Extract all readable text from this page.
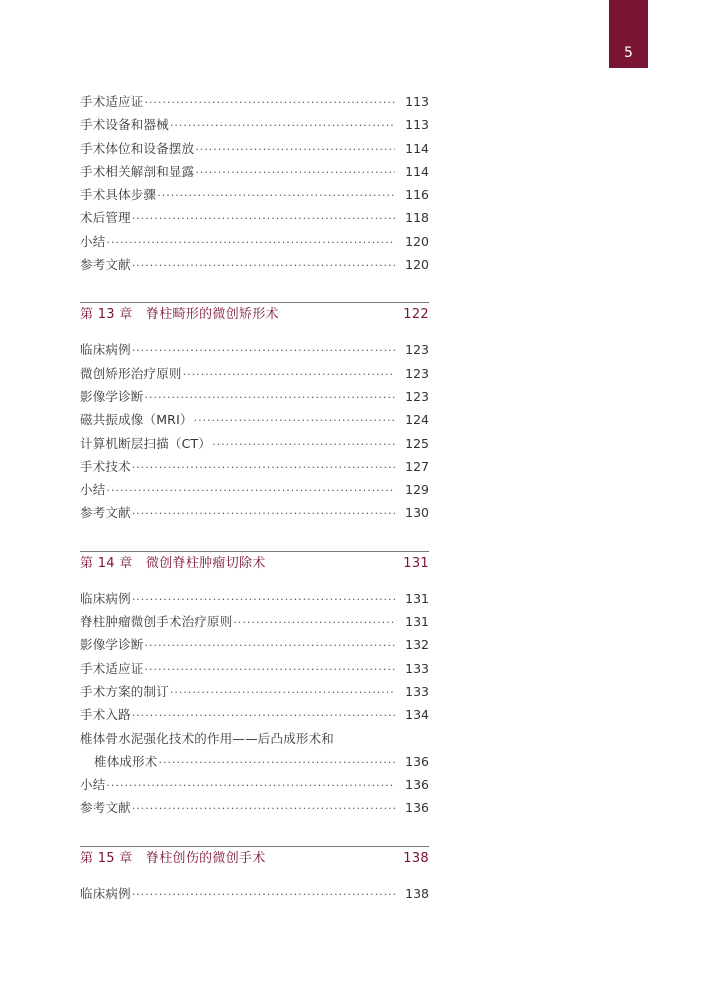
5
手术适应证 ·····	113
手术设备和器械 ·····	113
手术体位和设备摆放 ·····	114
手术相关解剖和显露 ·····	114
手术具体步骤 ·····	116
术后管理 ·····	118
小结 ·····	120
参考文献 ·····	120
第 13 章  脊柱畸形的微创矫形术	122
临床病例 ·····	123
微创矫形治疗原则 ·····	123
影像学诊断 ·····	123
磁共振成像（MRI） ·····	124
计算机断层扫描（CT） ·····	125
手术技术 ·····	127
小结 ·····	129
参考文献 ·····	130
第 14 章  微创脊柱肿瘤切除术	131
临床病例 ·····	131
脊柱肿瘤微创手术治疗原则 ·····	131
影像学诊断 ·····	132
手术适应证 ·····	133
手术方案的制订 ·····	133
手术入路 ·····	134
椎体骨水泥强化技术的作用——后凸成形术和
椎体成形术 ·····	136
小结 ·····	136
参考文献 ·····	136
第 15 章  脊柱创伤的微创手术	138
临床病例 ·····	138
